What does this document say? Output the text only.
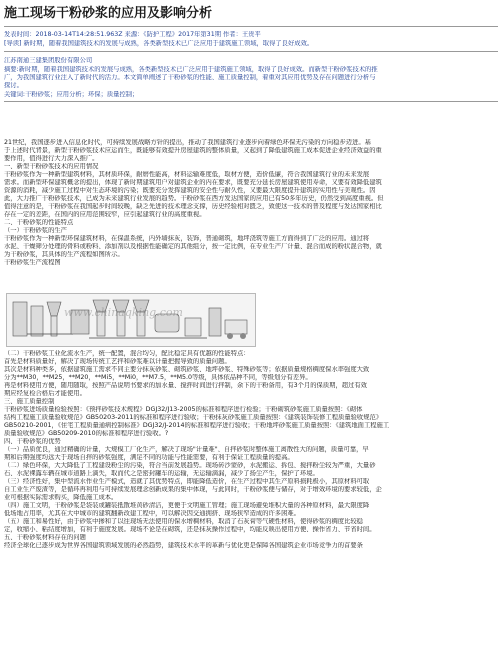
施工现场干粉砂浆的应用及影响分析
发表时间：2018-03-14T14:28:51.963Z 来源：《防护工程》2017年第31期 作者：王贵平
[导读] 新时期，随着我国建筑技术的发展与成熟，各类新型技术已广泛应用于建筑施工领域，取得了良好成效。
江苏南通三建集团股份有限公司
摘要:新时期，随着我国建筑技术的发展与成熟，各类新型技术已广泛应用于建筑施工领域，取得了良好成效。而新型干粉砂浆技术的推
广，为我国建筑行业注入了新时代的活力。本文简单阐述了干粉砂浆的性能、施工质量控制，着重对其应用优势及存在问题进行分析与
探讨。
关键词:干粉砂浆；应用分析；环保；质量控制；
21世纪，我国逐步进入信息化时代，可持续发展战略方针的提出，推动了我国建筑行业逐步向着绿色环保无污染的方向稳步迈进。基
于上述时代背景，新型干粉砂浆技术应运而生，既能够有效提升房屋建筑的整体质量，又起到了降低建筑施工成本促进企业经济效益的重
要作用，值得进行大力深入推广。
一、新型干粉砂浆技术的应用情况
干粉砂浆作为一种新型建筑材料，其材质环保，耐磨性能高，材料运输难度低，取材方便，造价低廉，符合我国建筑行业的未来发展
需求。而新型环保建筑概念的提出，体现了新时期建筑用户对建筑企业的内在要求，既要充分延长房屋建筑使用寿命，又要有效降低建筑
资源的消耗，减少施工过程中对生态环境的污染；既要充分发挥建筑的安全性与耐久性，又要最大限度提升建筑的实用性与美观性。因
此，大力推广干粉砂浆技术，已成为未来建筑行业发展的趋势。干粉砂浆在西方发达国家的应用已有50多年历史，仍然受到高度重视。但
值得注意的是，干粉砂浆在我国起步时间较晚，缺乏先进的技术理念支撑，历史经验相对匮乏，致使这一技术的普及程度与发达国家相比
存在一定的差距，在国内的应用范围较窄，应引起建筑行业的高度重视。
二、干粉砂浆的性能特点
（一）干粉砂浆的生产
干粉砂浆作为一种新型环保建筑材料，在保温系统，内外墙抹灰，装饰，普通砌筑，地坪浇筑等施工方面得到了广泛的应用。通过将
水泥、干燥筛分处理的骨料或粉料、添加剂以及根据性能确定的其他组分，按一定比例，在专业生产厂计量、混合而成的粉状混合物，就
为干粉砂浆，其具体的生产流程如图所示。
干粉砂浆生产流程图
www.chinaqking.com
（二）干粉砂浆工业化流水生产，统一配置，混合均匀，配比稳定具有优越的性能特点：
首先是材料质量好，解决了现场传统工艺拌和砂浆难以计量把握导致的质量问题。
其次是材料种类多，依据建筑施工需求不同主要分抹灰砂浆、砌筑砂浆、地坪砂浆、特殊砂浆等；依据质量规格稠度保水率强度大致
分为**M30，**M25，**M20，**Mi5，**Mi0，**M7.5，**M5.0等级，具体依品种不同，等级划分有差异。
再是材料使用方便，随用随取，按照产品说明书要求的加水量、搅拌时间进行拌制，余下的干粉备用，有3个月的保质期，超过有效
期应经复检合格后才能使用。
三、施工质量控制
干粉砂浆进场质量检验按照：《预拌砂浆技术规程》DGJ32/J13-2005的标准和程序进行检验；干粉砌筑砂浆施工质量按照：《砌体
结构工程施工质量验收规范》GB50203-2011的标准和程序进行验收；干粉抹灰砂浆施工质量按照：《建筑装饰装修工程质量验收规范》
GB50210-2001，《住宅工程质量通病控制标准》DGJ32/J-2014的标准和程序进行验收；干粉地坪砂浆施工质量按照：《建筑地面工程施工
质量验收规范》GB50209-2010的标准和程序进行验收。?
四、干粉砂浆的优势
（一）品质优良，通过精确的计量，大规模工厂化生产，解决了现场"计量难"、自拌砂浆时整体施工离散性大的问题，质量可靠，早
期和后期强度均远大于现场自拌的砂浆强度，满足不同的功能与性能需要，有利于保证工程质量的提高。
（二）绿色环保，大大降低了工程建设粉尘的污染，符合当前发展趋势。现场砖沙蒙砂，水泥搬运、拆包、搅拌粉尘较为严重，大量砂
石、水泥裸露车辆在城市道路上滴失，取而代之是密封罐车的运输，无运输滴漏，减少了扬尘产生，保护了环境。
（三）经济性好，集中型流水作业生产模式，造就了其优势特点，即能降低造价，在生产过程中其生产原料损耗极小，其原材料可取
自工业生产废渣等，是循环再利用与可持续发展理念创新成果的集中体现，与此同时，干粉砂浆便与储存，对于增效环境的要求较低，企
业可根据实际需求购买，降低施工成本。
（四）施工文明，干粉砂浆是袋装或罐装抵散堆黄砂清洁，更便于文明施工管理；施工现场避免堆积大量的各种原材料，最大限度降
低场地占用率，尤其在大中城市的建筑翻新改建工程中，可以解决因交通拥挤、现场狭窄造成的许多困难。
（五）施工和易性好，由于砂浆中掺和了以往现场无法使用的保水增稠材料，取消了石灰膏等气硬性材料，使得砂浆的稠度比较稳
定，收缩小、粘结度增加，有利于施度发展。现场不论是在砌筑，还是抹灰操作过程中，均能反映出使用方便、操作省力、节省时间。
五、干粉砂浆材料存在的问题
经济全球化已逐步成为世界各国建筑领域发展的必然趋势，建筑技术水平的革新与优化更是保障各国建筑企业市场竞争力的首要条
